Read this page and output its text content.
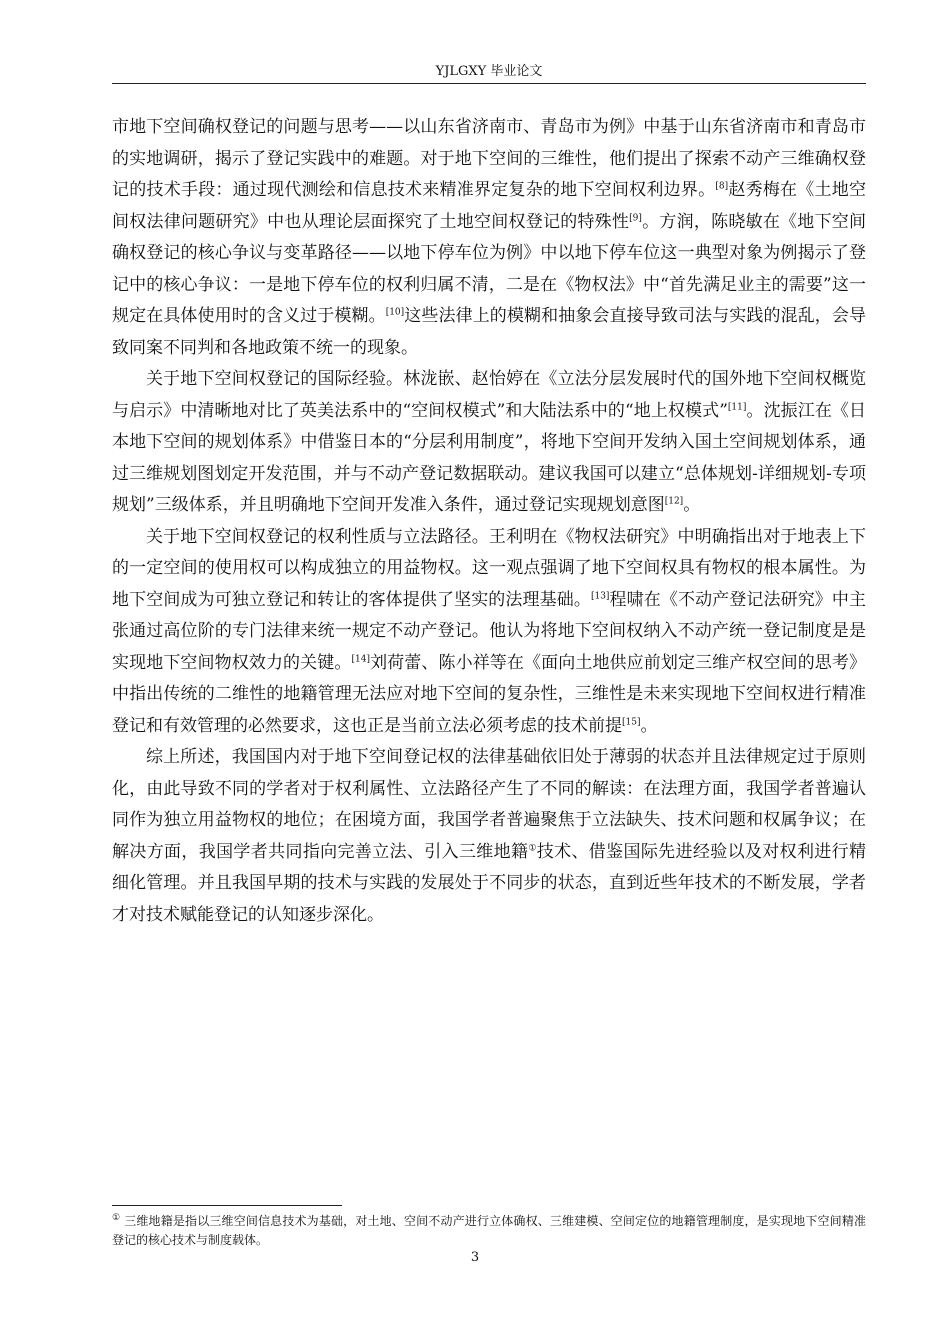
YJLGXY 毕业论文

市地下空间确权登记的问题与思考——以山东省济南市、青岛市为例》中基于山东省济南市和青岛市的实地调研，揭示了登记实践中的难题。对于地下空间的三维性，他们提出了探索不动产三维确权登记的技术手段：通过现代测绘和信息技术来精准界定复杂的地下空间权利边界。[8]赵秀梅在《土地空间权法律问题研究》中也从理论层面探究了土地空间权登记的特殊性[9]。方润，陈晓敏在《地下空间确权登记的核心争议与变革路径——以地下停车位为例》中以地下停车位这一典型对象为例揭示了登记中的核心争议：一是地下停车位的权利归属不清，二是在《物权法》中“首先满足业主的需要”这一规定在具体使用时的含义过于模糊。[10]这些法律上的模糊和抽象会直接导致司法与实践的混乱，会导致同案不同判和各地政策不统一的现象。

关于地下空间权登记的国际经验。林泷嵌、赵怡婷在《立法分层发展时代的国外地下空间权概览与启示》中清晰地对比了英美法系中的“空间权模式”和大陆法系中的“地上权模式”[11]。沈振江在《日本地下空间的规划体系》中借鉴日本的“分层利用制度”，将地下空间开发纳入国土空间规划体系，通过三维规划图划定开发范围，并与不动产登记数据联动。建议我国可以建立“总体规划-详细规划-专项规划”三级体系，并且明确地下空间开发准入条件，通过登记实现规划意图[12]。

关于地下空间权登记的权利性质与立法路径。王利明在《物权法研究》中明确指出对于地表上下的一定空间的使用权可以构成独立的用益物权。这一观点强调了地下空间权具有物权的根本属性。为地下空间成为可独立登记和转让的客体提供了坚实的法理基础。[13]程啸在《不动产登记法研究》中主张通过高位阶的专门法律来统一规定不动产登记。他认为将地下空间权纳入不动产统一登记制度是是实现地下空间物权效力的关键。[14]刘荷蕾、陈小祥等在《面向土地供应前划定三维产权空间的思考》中指出传统的二维性的地籍管理无法应对地下空间的复杂性，三维性是未来实现地下空间权进行精准登记和有效管理的必然要求，这也正是当前立法必须考虑的技术前提[15]。

综上所述，我国国内对于地下空间登记权的法律基础依旧处于薄弱的状态并且法律规定过于原则化，由此导致不同的学者对于权利属性、立法路径产生了不同的解读：在法理方面，我国学者普遍认同作为独立用益物权的地位；在困境方面，我国学者普遍聚焦于立法缺失、技术问题和权属争议；在解决方面，我国学者共同指向完善立法、引入三维地籍①技术、借鉴国际先进经验以及对权利进行精细化管理。并且我国早期的技术与实践的发展处于不同步的状态，直到近些年技术的不断发展，学者才对技术赋能登记的认知逐步深化。

① 三维地籍是指以三维空间信息技术为基础，对土地、空间不动产进行立体确权、三维建模、空间定位的地籍管理制度，是实现地下空间精准登记的核心技术与制度载体。
3
